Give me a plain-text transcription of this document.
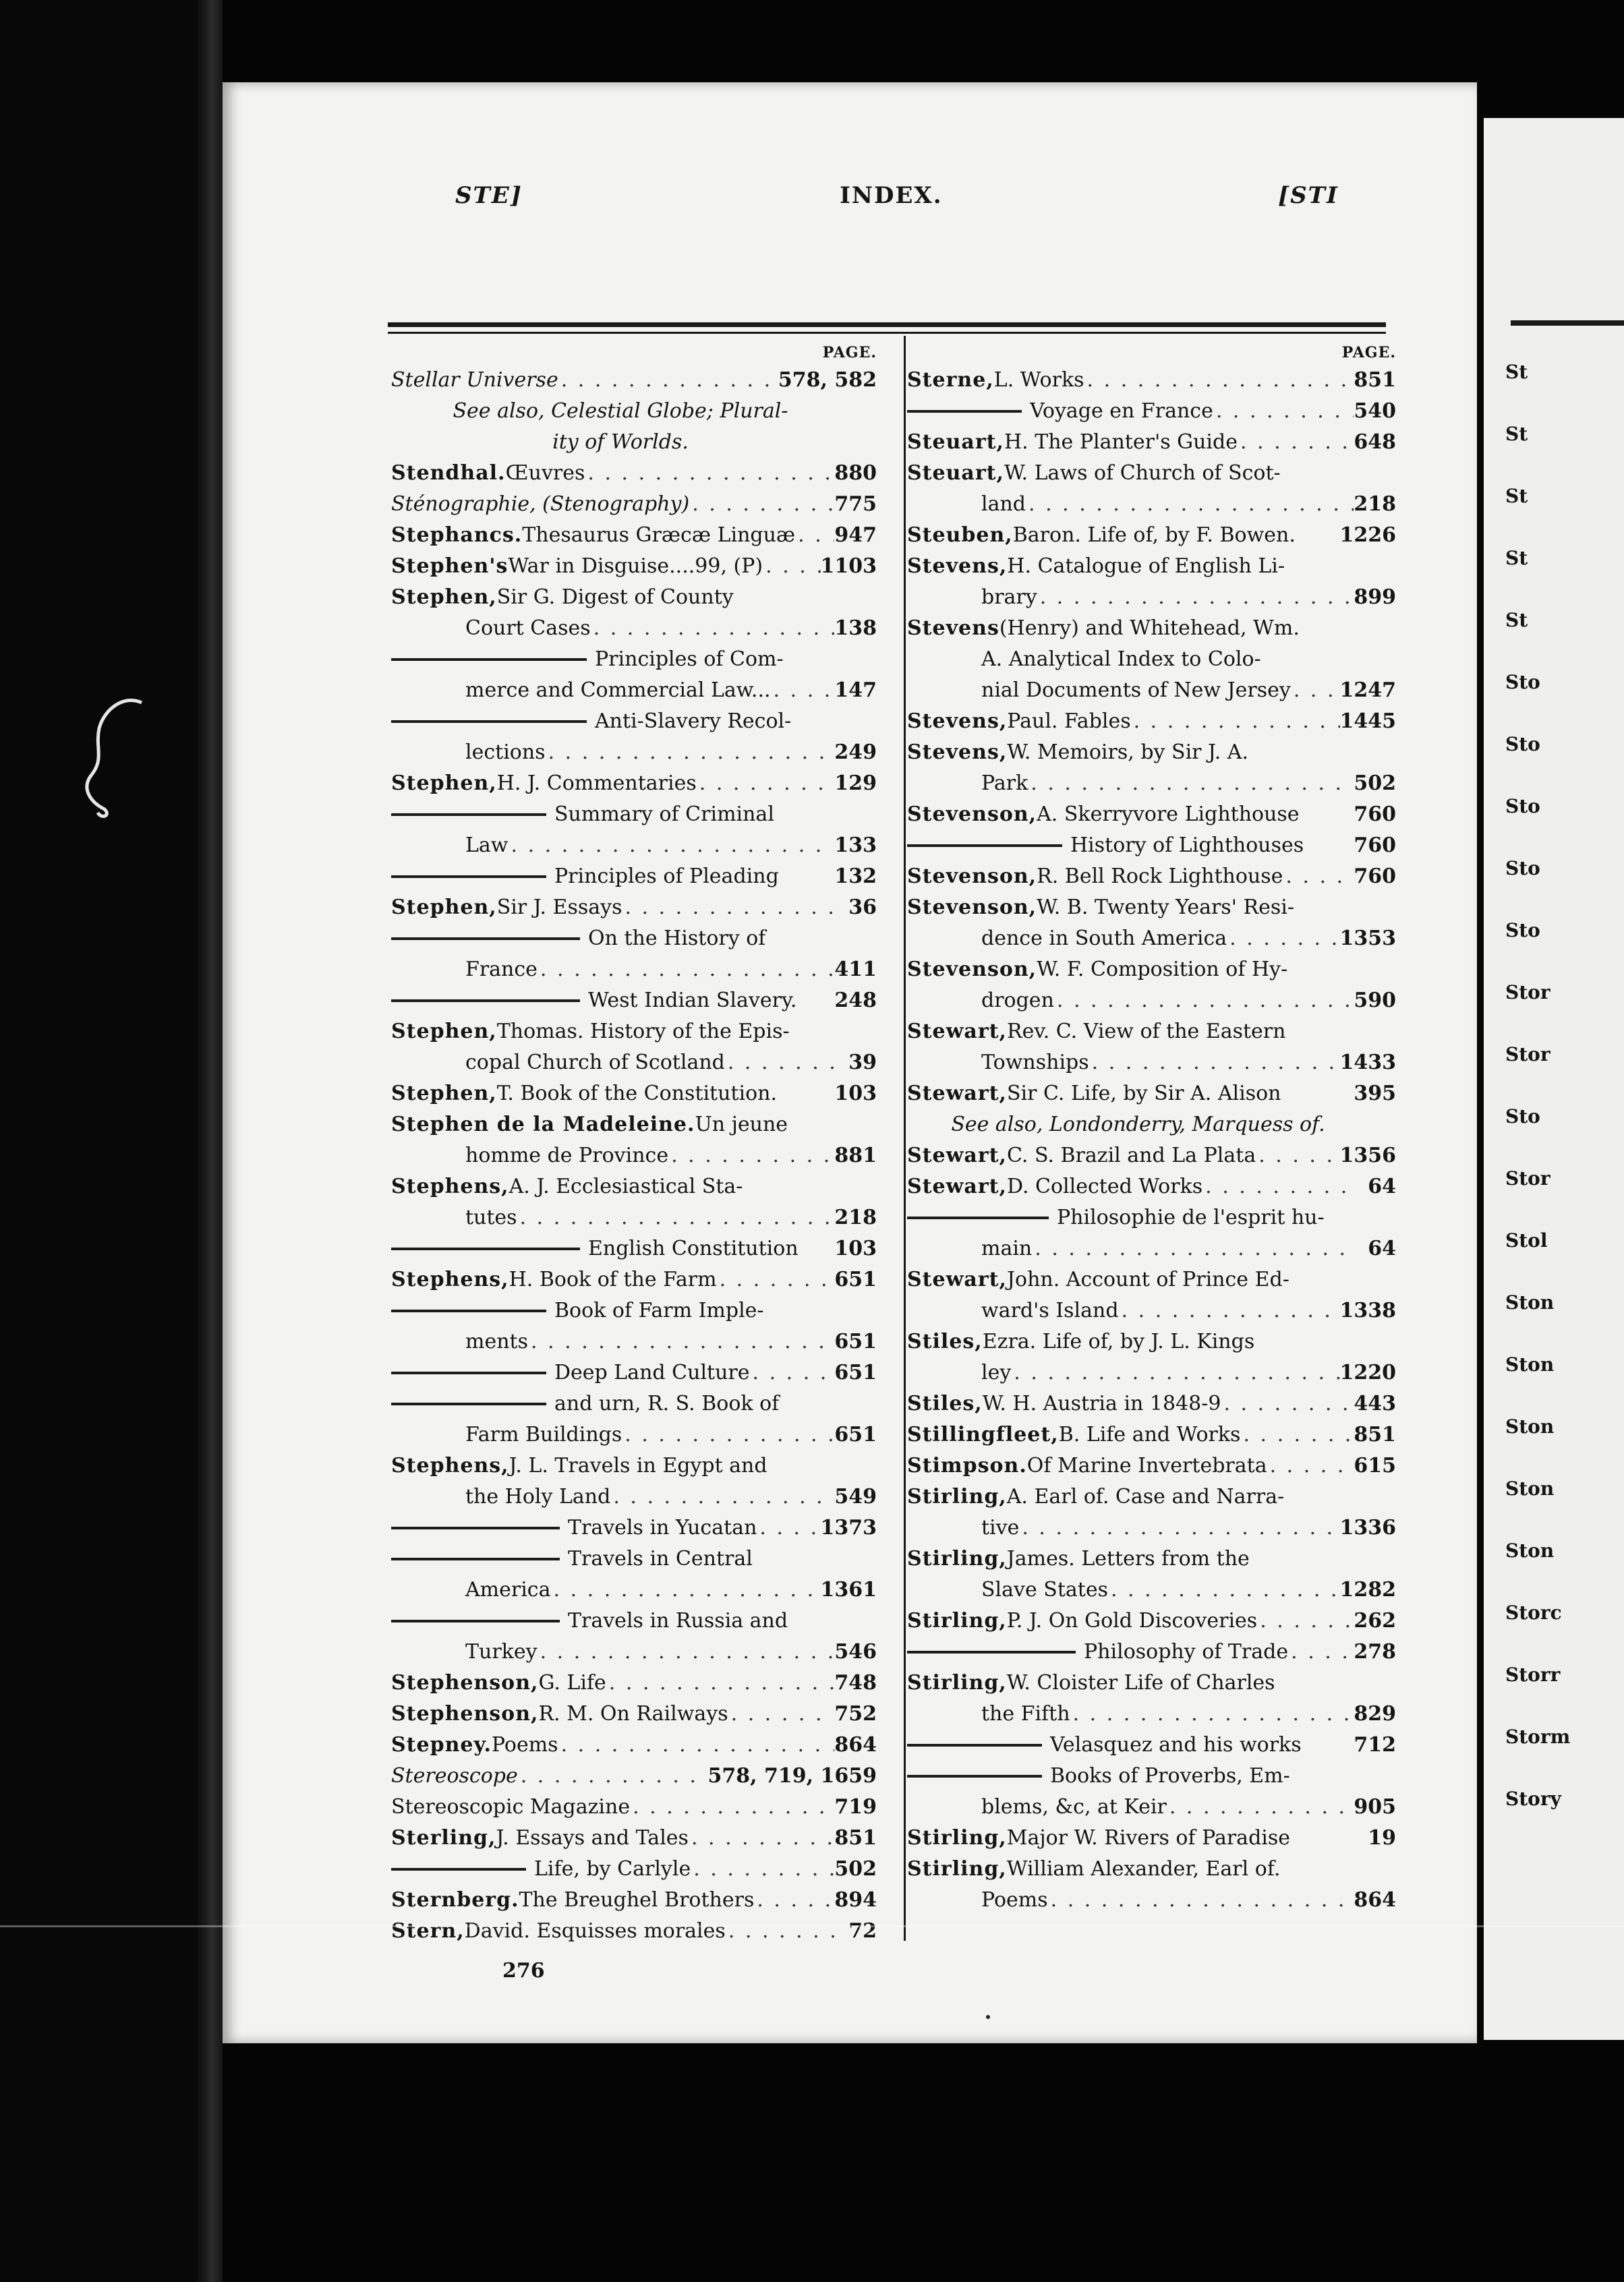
St
St
St
St
St
Sto
Sto
Sto
Sto
Sto
Stor
Stor
Sto
Stor
Stol
Ston
Ston
Ston
Ston
Ston
Storc
Storr
Storm
Story
STE]	INDEX.	[STI
PAGE.
Stellar Universe . . .	578, 582
See also, Celestial Globe; Plural-
ity of Worlds.
Stendhal. Œuvres . . .	880
Sténographie, (Stenography) . . .	775
Stephancs. Thesaurus Græcæ Linguæ . . . 947
Stephen's War in Disguise....99, (P) . . .	1103
Stephen, Sir G. Digest of County
Court Cases . . .	138
Principles of Com-
merce and Commercial Law... . . .	147
Anti-Slavery Recol-
lections . . .	249
Stephen, H. J. Commentaries . . .	129
Summary of Criminal
Law . . .	133
Principles of Pleading	132
Stephen, Sir J. Essays . . .	36
On the History of
France . . .	411
West Indian Slavery. 248
Stephen, Thomas. History of the Epis-
copal Church of Scotland . . .	39
Stephen, T. Book of the Constitution.	103
Stephen de la Madeleine. Un jeune
homme de Province . . .	881
Stephens, A. J. Ecclesiastical Sta-
tutes . . .	218
English Constitution 103
Stephens, H. Book of the Farm . . .	651
Book of Farm Imple-
ments . . .	651
Deep Land Culture . . .	651
and urn, R. S. Book of
Farm Buildings . . .	651
Stephens, J. L. Travels in Egypt and
the Holy Land . . .	549
Travels in Yucatan . . .	1373
Travels in Central
America . . .	1361
Travels in Russia and
Turkey . . .	546
Stephenson, G. Life . . .	748
Stephenson, R. M. On Railways . . .	752
Stepney. Poems . . .	864
Stereoscope . . .	578, 719, 1659
Stereoscopic Magazine . . .	719
Sterling, J. Essays and Tales . . .	851
Life, by Carlyle . . .	502
Sternberg. The Breughel Brothers . . .	894
Stern, David. Esquisses morales . . .	72
PAGE.
Sterne, L. Works . . .	851
Voyage en France . . .	540
Steuart, H. The Planter's Guide . . .	648
Steuart, W. Laws of Church of Scot-
land . . .	218
Steuben, Baron. Life of, by F. Bowen. 1226
Stevens, H. Catalogue of English Li-
brary . . .	899
Stevens (Henry) and Whitehead, Wm.
A. Analytical Index to Colo-
nial Documents of New Jersey . . . 1247
Stevens, Paul. Fables . . .	1445
Stevens, W. Memoirs, by Sir J. A.
Park . . .	502
Stevenson, A. Skerryvore Lighthouse	760
History of Lighthouses 760
Stevenson, R. Bell Rock Lighthouse . . .	760
Stevenson, W. B. Twenty Years' Resi-
dence in South America . . .	1353
Stevenson, W. F. Composition of Hy-
drogen . . .	590
Stewart, Rev. C. View of the Eastern
Townships . . .	1433
Stewart, Sir C. Life, by Sir A. Alison	395
See also, Londonderry, Marquess of.
Stewart, C. S. Brazil and La Plata . . .	1356
Stewart, D. Collected Works . . .	64
Philosophie de l'esprit hu-
main . . .	64
Stewart, John. Account of Prince Ed-
ward's Island . . .	1338
Stiles, Ezra. Life of, by J. L. Kings
ley . . .	1220
Stiles, W. H. Austria in 1848-9 . . .	443
Stillingfleet, B. Life and Works . . .	851
Stimpson. Of Marine Invertebrata . . .	615
Stirling, A. Earl of. Case and Narra-
tive . . .	1336
Stirling, James. Letters from the
Slave States . . .	1282
Stirling, P. J. On Gold Discoveries . . .	262
Philosophy of Trade . . .	278
Stirling, W. Cloister Life of Charles
the Fifth . . .	829
Velasquez and his works	712
Books of Proverbs, Em-
blems, &c, at Keir . . .	905
Stirling, Major W. Rivers of Paradise	19
Stirling, William Alexander, Earl of.
Poems . . .	864
276
